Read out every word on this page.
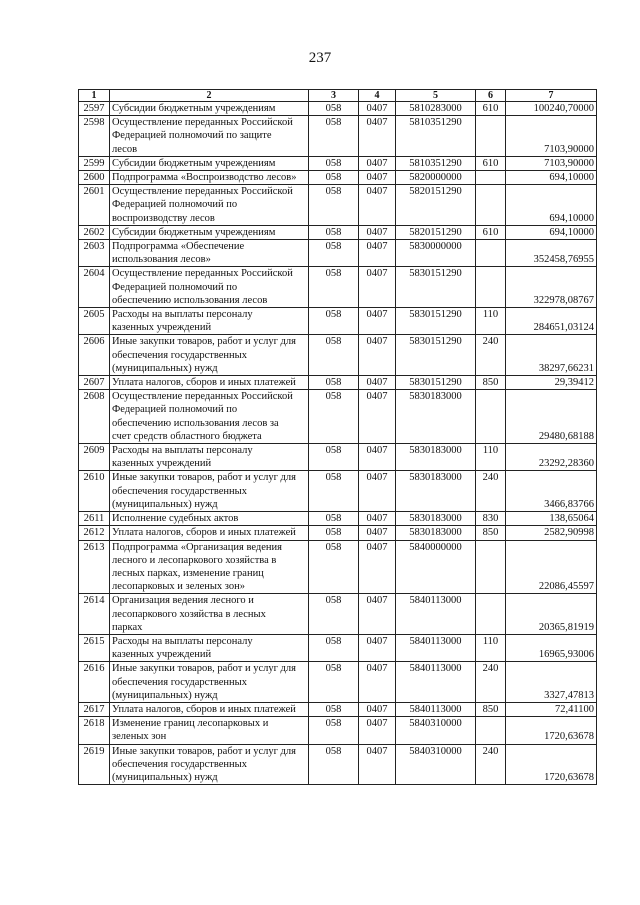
237
1	2	3	4	5	6	7
2597	Субсидии бюджетным учреждениям	058	0407	5810283000	610	100240,70000
2598	Осуществление переданных Российской
Федерацией полномочий по защите
лесов	058	0407	5810351290		7103,90000
2599	Субсидии бюджетным учреждениям	058	0407	5810351290	610	7103,90000
2600	Подпрограмма «Воспроизводство лесов»	058	0407	5820000000		694,10000
2601	Осуществление переданных Российской
Федерацией полномочий по
воспроизводству лесов	058	0407	5820151290		694,10000
2602	Субсидии бюджетным учреждениям	058	0407	5820151290	610	694,10000
2603	Подпрограмма «Обеспечение
использования лесов»	058	0407	5830000000		352458,76955
2604	Осуществление переданных Российской
Федерацией полномочий по
обеспечению использования лесов	058	0407	5830151290		322978,08767
2605	Расходы на выплаты персоналу
казенных учреждений	058	0407	5830151290	110	284651,03124
2606	Иные закупки товаров, работ и услуг для
обеспечения государственных
(муниципальных) нужд	058	0407	5830151290	240	38297,66231
2607	Уплата налогов, сборов и иных платежей	058	0407	5830151290	850	29,39412
2608	Осуществление переданных Российской
Федерацией полномочий по
обеспечению использования лесов за
счет средств областного бюджета	058	0407	5830183000		29480,68188
2609	Расходы на выплаты персоналу
казенных учреждений	058	0407	5830183000	110	23292,28360
2610	Иные закупки товаров, работ и услуг для
обеспечения государственных
(муниципальных) нужд	058	0407	5830183000	240	3466,83766
2611	Исполнение судебных актов	058	0407	5830183000	830	138,65064
2612	Уплата налогов, сборов и иных платежей	058	0407	5830183000	850	2582,90998
2613	Подпрограмма «Организация ведения
лесного и лесопаркового хозяйства в
лесных парках, изменение границ
лесопарковых и зеленых зон»	058	0407	5840000000		22086,45597
2614	Организация ведения лесного и
лесопаркового хозяйства в лесных
парках	058	0407	5840113000		20365,81919
2615	Расходы на выплаты персоналу
казенных учреждений	058	0407	5840113000	110	16965,93006
2616	Иные закупки товаров, работ и услуг для
обеспечения государственных
(муниципальных) нужд	058	0407	5840113000	240	3327,47813
2617	Уплата налогов, сборов и иных платежей	058	0407	5840113000	850	72,41100
2618	Изменение границ лесопарковых и
зеленых зон	058	0407	5840310000		1720,63678
2619	Иные закупки товаров, работ и услуг для
обеспечения государственных
(муниципальных) нужд	058	0407	5840310000	240	1720,63678
